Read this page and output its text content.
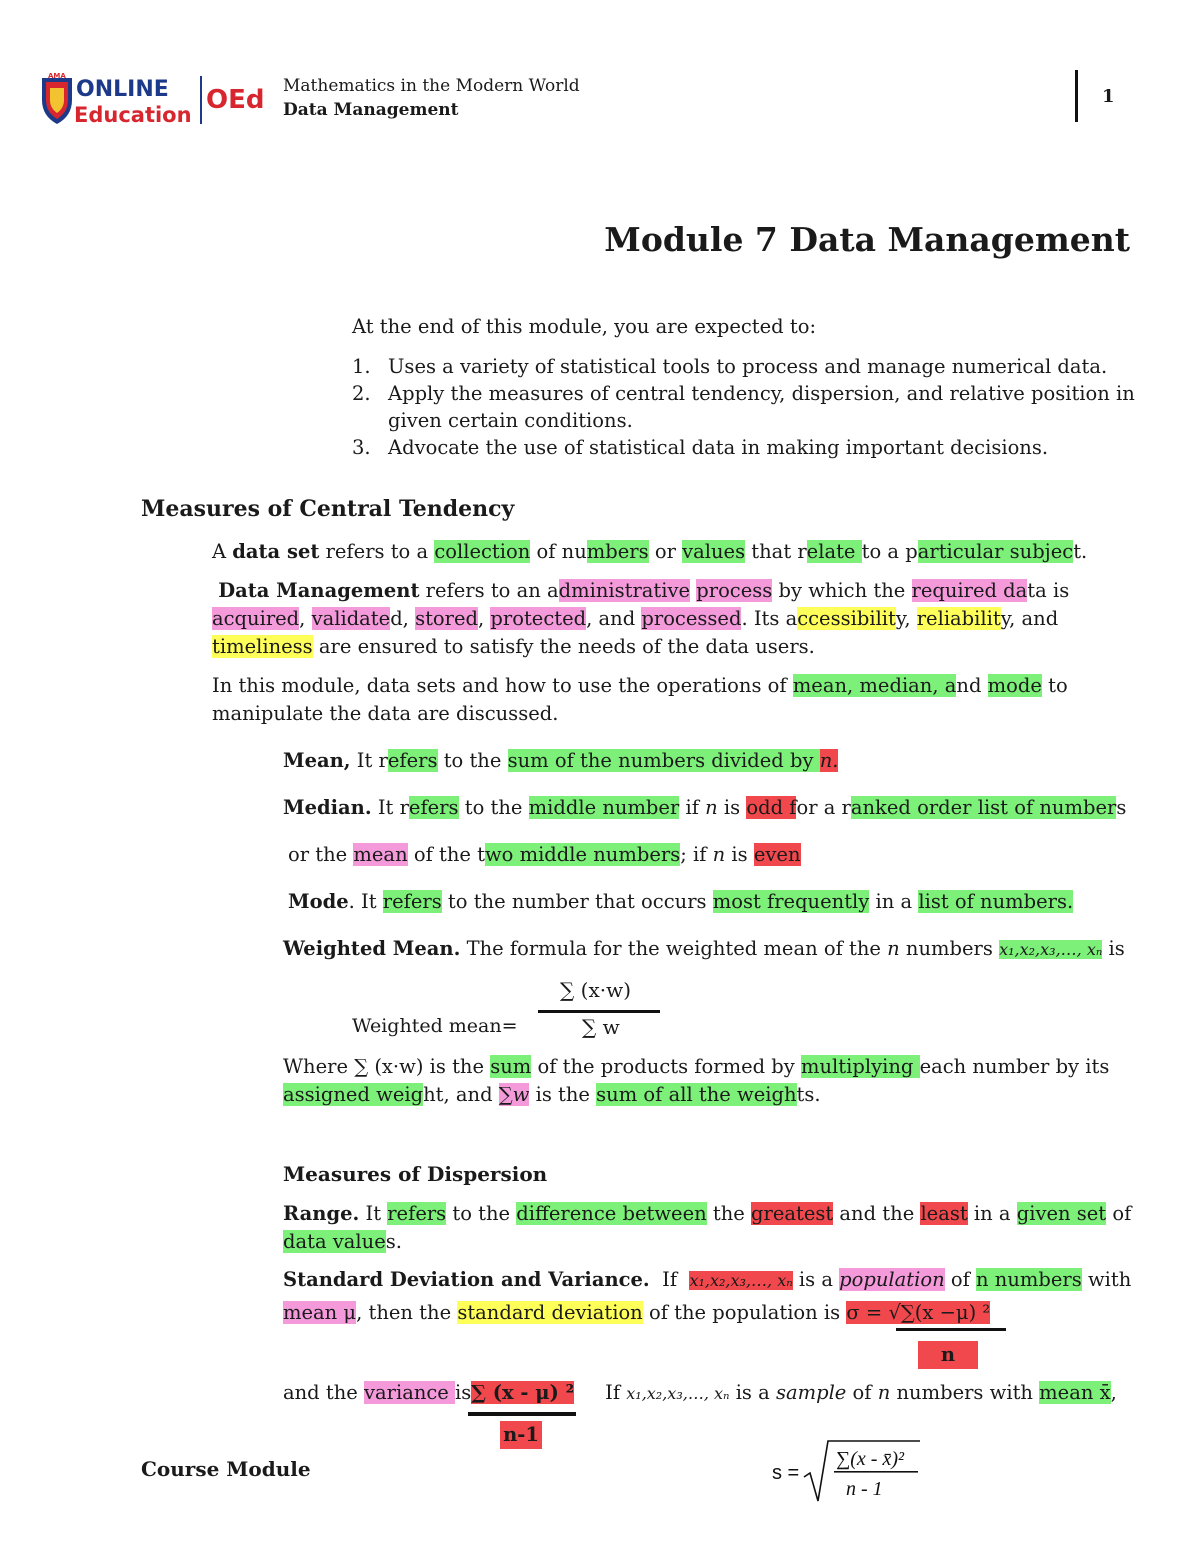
AMA
ONLINE
Education OEd Mathematics in the Modern World
Data Management
1
Module 7 Data Management
At the end of this module, you are expected to:
1. Uses a variety of statistical tools to process and manage numerical data.
2. Apply the measures of central tendency, dispersion, and relative position in given certain conditions.
3. Advocate the use of statistical data in making important decisions.
Measures of Central Tendency
A data set refers to a collection of numbers or values that relate to a particular subject.
Data Management refers to an administrative process by which the required data is
acquired, validated, stored, protected, and processed. Its accessibility, reliability, and
timeliness are ensured to satisfy the needs of the data users.
In this module, data sets and how to use the operations of mean, median, and mode to
manipulate the data are discussed.
Mean, It refers to the sum of the numbers divided by n.
Median. It refers to the middle number if n is odd for a ranked order list of numbers
or the mean of the two middle numbers; if n is even
Mode. It refers to the number that occurs most frequently in a list of numbers.
Weighted Mean. The formula for the weighted mean of the n numbers x₁,x₂,x₃,…, xₙ is
∑ (x·w)
Weighted mean=	∑ w
Where ∑ (x·w) is the sum of the products formed by multiplying each number by its
assigned weight, and ∑w is the sum of all the weights.
Measures of Dispersion
Range. It refers to the difference between the greatest and the least in a given set of
data values.
Standard Deviation and Variance.  If  x₁,x₂,x₃,…, xₙ is a population of n numbers with
mean μ, then the standard deviation of the population is σ = √∑(x −μ) ²
n
and the variance is∑ (x - μ) ²     If x₁,x₂,x₃,…, xₙ is a sample of n numbers with mean x̄,
n-1
Course Module	s =
∑(x - x̄)²
n - 1
